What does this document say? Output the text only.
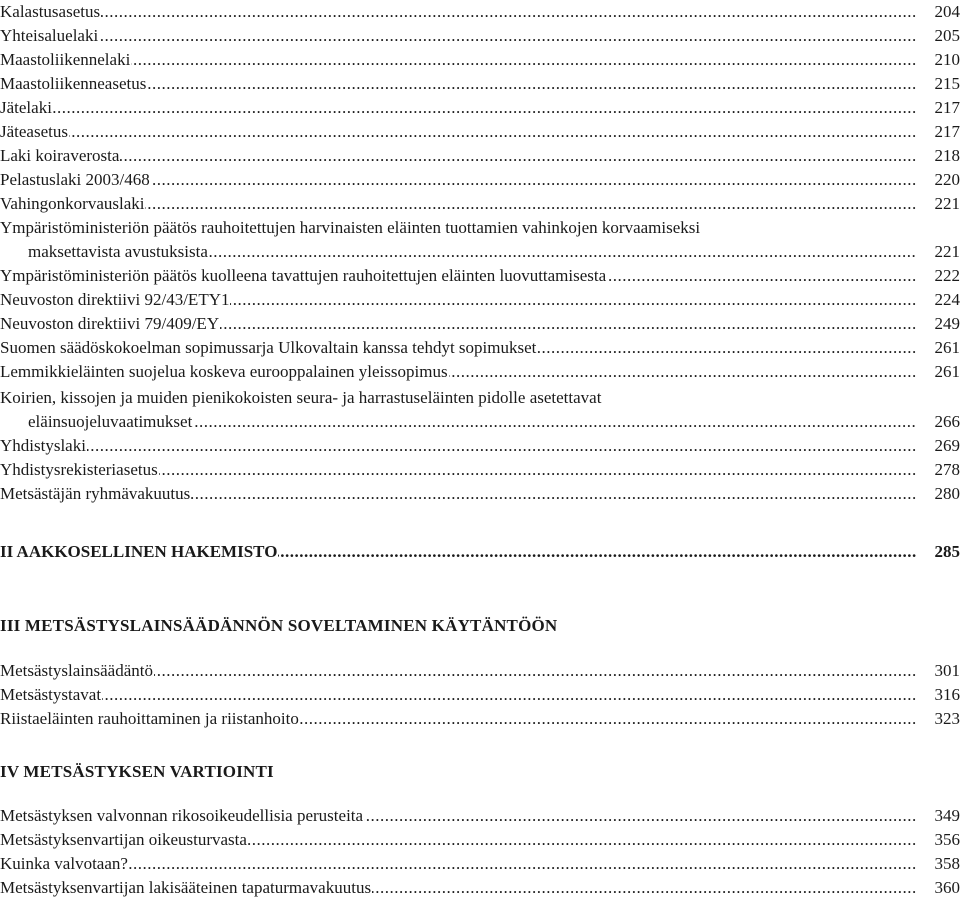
Kalastusasetus .....	204
Yhteisaluelaki .....	205
Maastoliikennelaki .....	210
Maastoliikenneasetus .....	215
Jätelaki .....	217
Jäteasetus .....	217
Laki koiraverosta .....	218
Pelastuslaki 2003/468 .....	220
Vahingonkorvauslaki .....	221
Ympäristöministeriön päätös rauhoitettujen harvinaisten eläinten tuottamien vahinkojen korvaamiseksi
maksettavista avustuksista .....	221
Ympäristöministeriön päätös kuolleena tavattujen rauhoitettujen eläinten luovuttamisesta .....	222
Neuvoston direktiivi 92/43/ETY1 .....	224
Neuvoston direktiivi 79/409/EY .....	249
Suomen säädöskokoelman sopimussarja Ulkovaltain kanssa tehdyt sopimukset .....	261
Lemmikkieläinten suojelua koskeva eurooppalainen yleissopimus .....	261
Koirien, kissojen ja muiden pienikokoisten seura- ja harrastuseläinten pidolle asetettavat
eläinsuojeluvaatimukset .....	266
Yhdistyslaki .....	269
Yhdistysrekisteriasetus .....	278
Metsästäjän ryhmävakuutus .....	280
II AAKKOSELLINEN HAKEMISTO .....	285
III METSÄSTYSLAINSÄÄDÄNNÖN SOVELTAMINEN KÄYTÄNTÖÖN
Metsästyslainsäädäntö .....	301
Metsästystavat .....	316
Riistaeläinten rauhoittaminen ja riistanhoito .....	323
IV METSÄSTYKSEN VARTIOINTI
Metsästyksen valvonnan rikosoikeudellisia perusteita .....	349
Metsästyksenvartijan oikeusturvasta .....	356
Kuinka valvotaan? .....	358
Metsästyksenvartijan lakisääteinen tapaturmavakuutus .....	360
